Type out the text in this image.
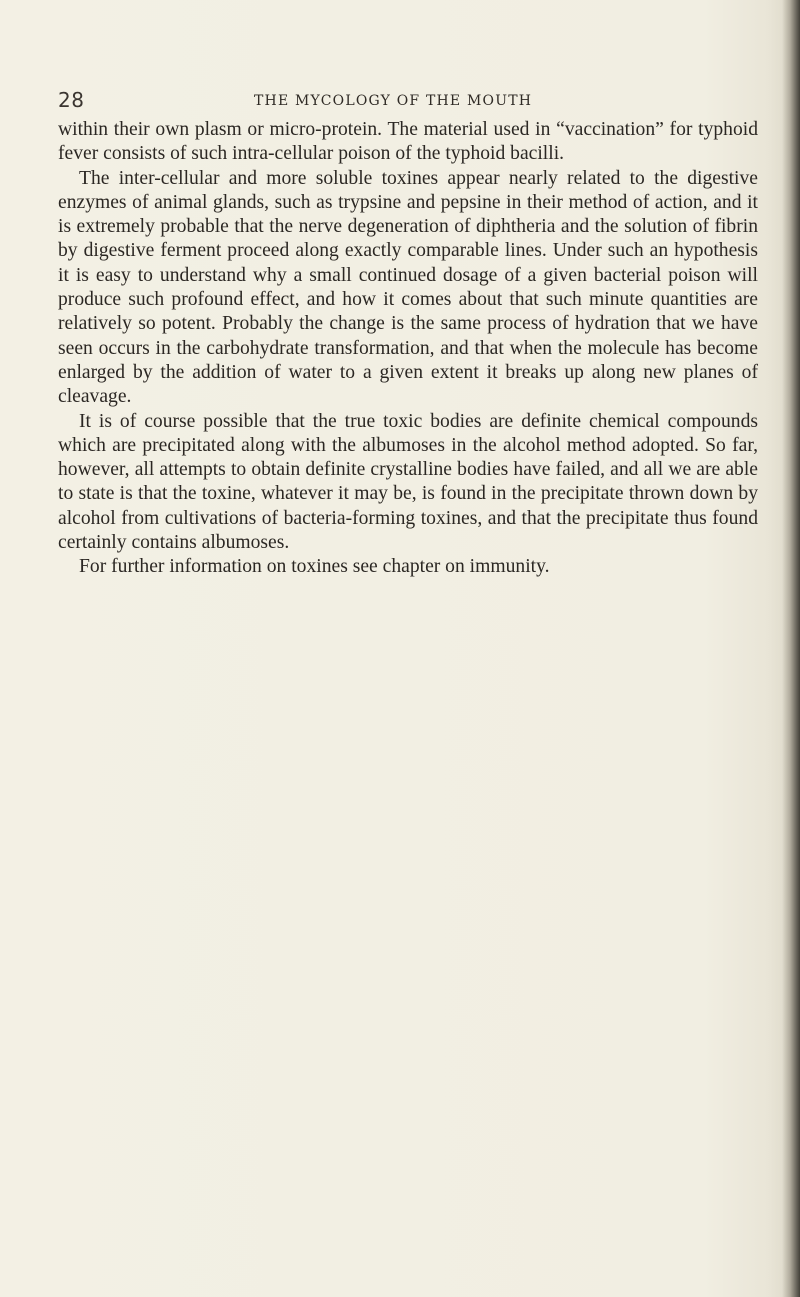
28	THE MYCOLOGY OF THE MOUTH

within their own plasm or micro-protein. The material used in “vaccination” for typhoid fever consists of such intra-cellular poison of the typhoid bacilli.

The inter-cellular and more soluble toxines appear nearly related to the digestive enzymes of animal glands, such as trypsine and pepsine in their method of action, and it is extremely probable that the nerve degeneration of diphtheria and the solution of fibrin by digestive ferment proceed along exactly comparable lines. Under such an hypothesis it is easy to understand why a small continued dosage of a given bacterial poison will produce such profound effect, and how it comes about that such minute quantities are relatively so potent. Probably the change is the same process of hydration that we have seen occurs in the carbohydrate transformation, and that when the molecule has become enlarged by the addition of water to a given extent it breaks up along new planes of cleavage.

It is of course possible that the true toxic bodies are definite chemical compounds which are precipitated along with the albumoses in the alcohol method adopted. So far, however, all attempts to obtain definite crystalline bodies have failed, and all we are able to state is that the toxine, whatever it may be, is found in the precipitate thrown down by alcohol from cultivations of bacteria-forming toxines, and that the precipitate thus found certainly contains albumoses.

For further information on toxines see chapter on immunity.
